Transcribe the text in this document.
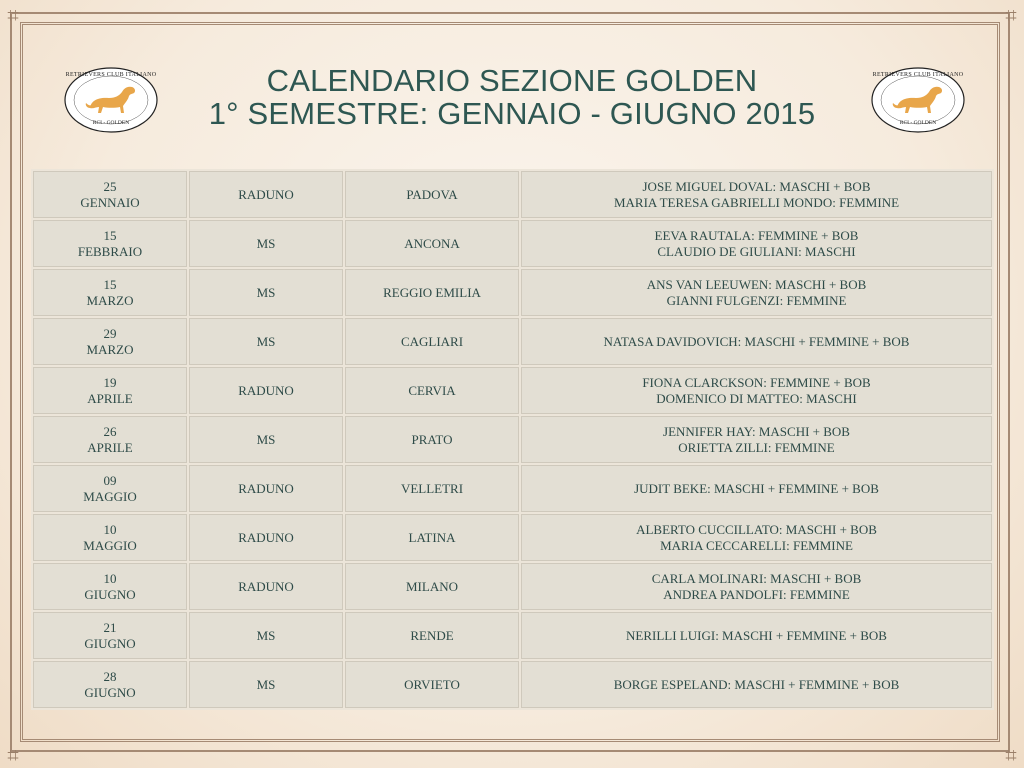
⌗	⌗
⌗	⌗
RETRIEVERS CLUB ITALIANO
RCI - GOLDEN
RETRIEVERS CLUB ITALIANO
RCI - GOLDEN
CALENDARIO SEZIONE GOLDEN
1° SEMESTRE: GENNAIO - GIUGNO 2015
25
GENNAIO	RADUNO	PADOVA	JOSE MIGUEL DOVAL: MASCHI + BOB
MARIA TERESA GABRIELLI MONDO: FEMMINE

15
FEBBRAIO	MS	ANCONA	EEVA RAUTALA: FEMMINE + BOB
CLAUDIO DE GIULIANI: MASCHI

15
MARZO	MS	REGGIO EMILIA	ANS VAN LEEUWEN: MASCHI + BOB
GIANNI FULGENZI: FEMMINE

29
MARZO	MS	CAGLIARI	NATASA DAVIDOVICH: MASCHI + FEMMINE + BOB

19
APRILE	RADUNO	CERVIA	FIONA CLARCKSON: FEMMINE + BOB
DOMENICO DI MATTEO: MASCHI

26
APRILE	MS	PRATO	JENNIFER HAY: MASCHI + BOB
ORIETTA ZILLI: FEMMINE

09
MAGGIO	RADUNO	VELLETRI	JUDIT BEKE: MASCHI + FEMMINE + BOB

10
MAGGIO	RADUNO	LATINA	ALBERTO CUCCILLATO: MASCHI + BOB
MARIA CECCARELLI: FEMMINE

10
GIUGNO	RADUNO	MILANO	CARLA MOLINARI: MASCHI + BOB
ANDREA PANDOLFI: FEMMINE

21
GIUGNO	MS	RENDE	NERILLI LUIGI: MASCHI + FEMMINE + BOB

28
GIUGNO	MS	ORVIETO	BORGE ESPELAND: MASCHI + FEMMINE + BOB
